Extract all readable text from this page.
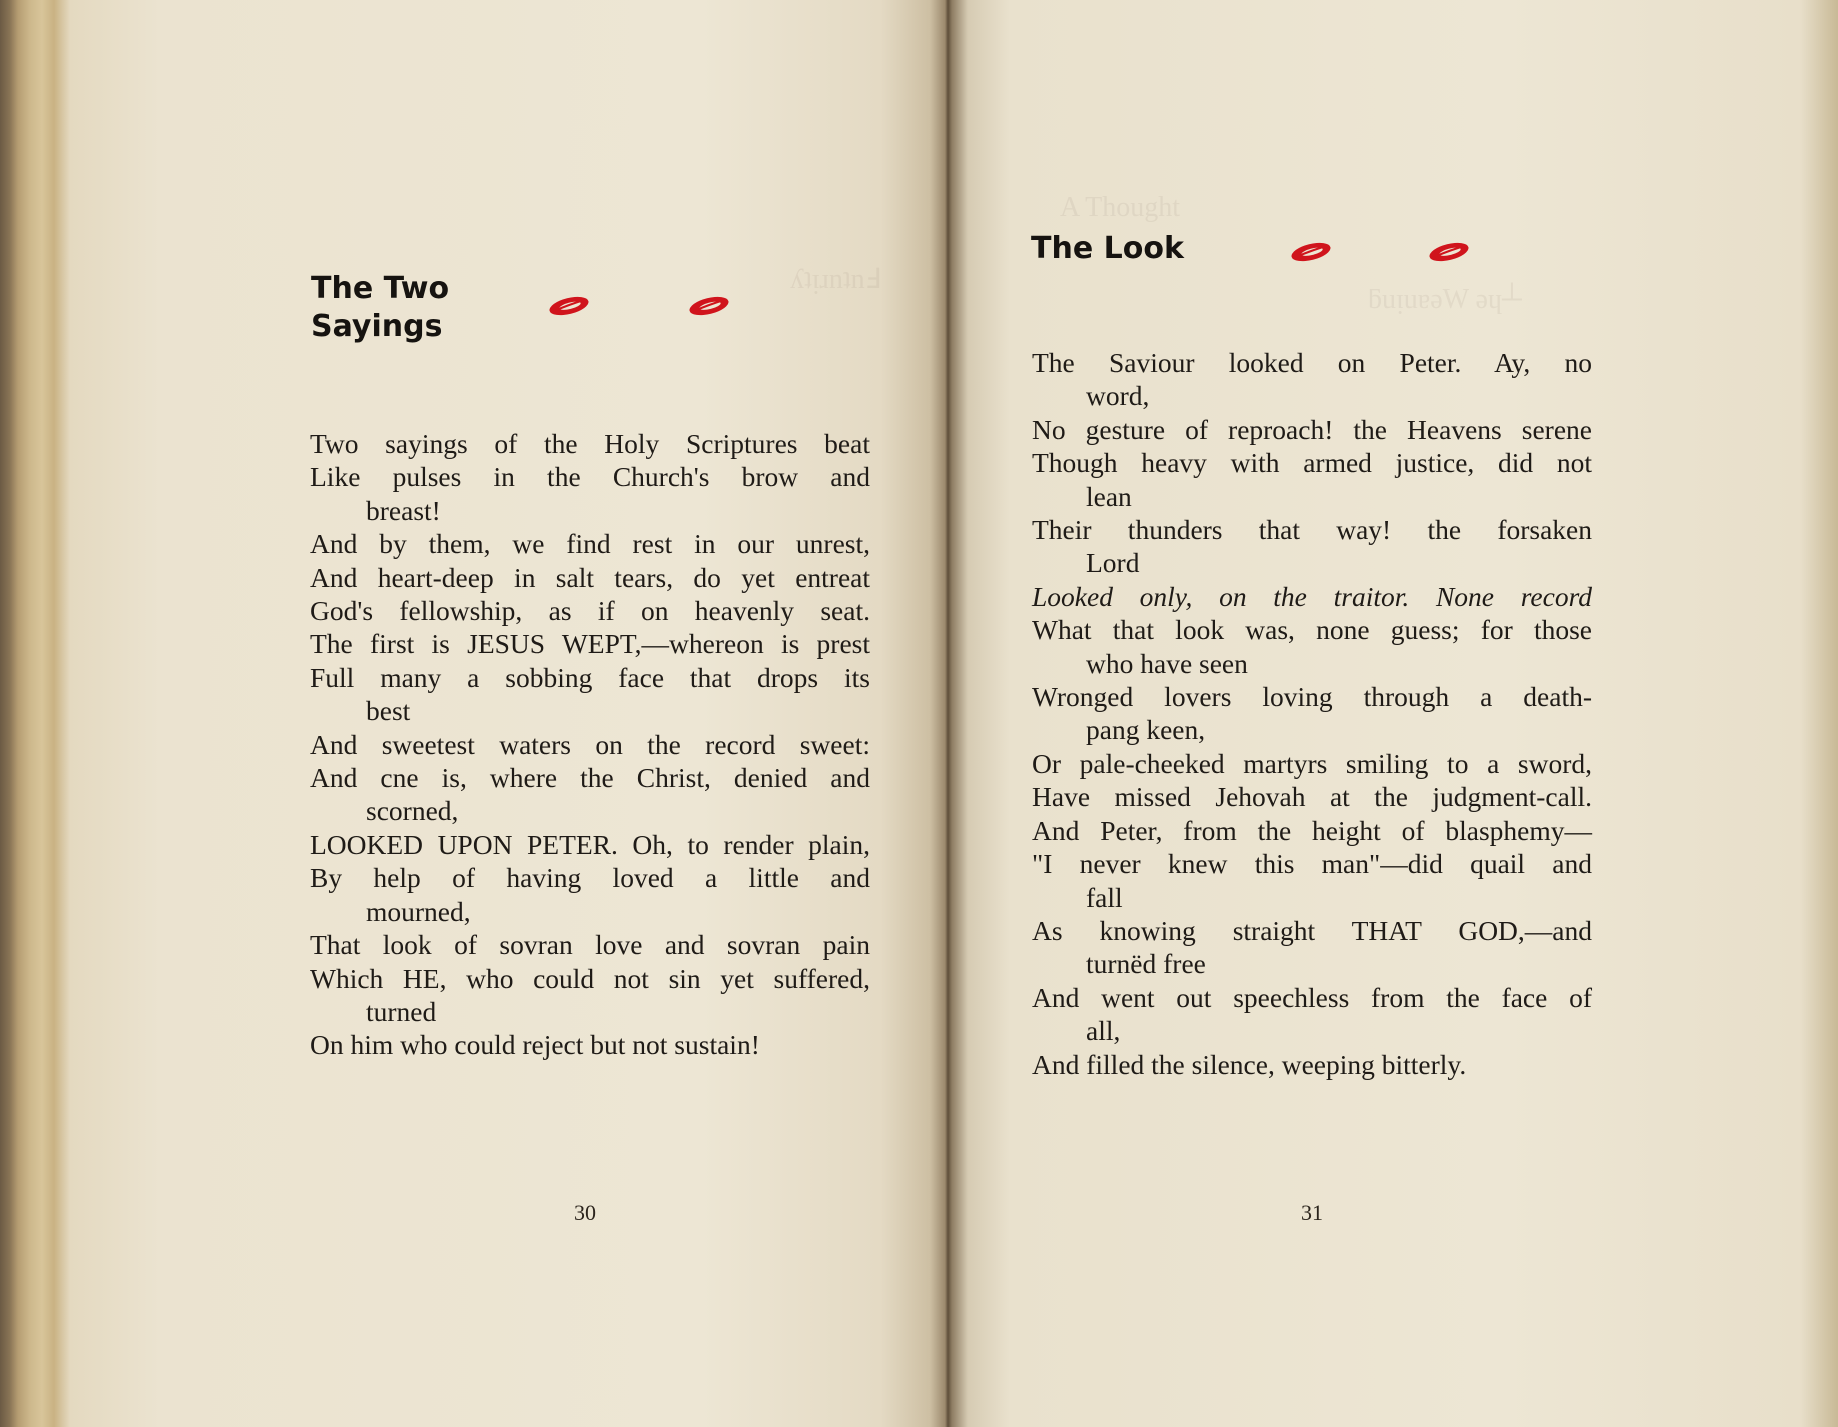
ʎʇᴉɹnʇnℲ
The Two
Sayings
Two sayings of the Holy Scriptures beat
Like pulses in the Church's brow and
breast!
And by them, we find rest in our unrest,
And heart-deep in salt tears, do yet entreat
God's fellowship, as if on heavenly seat.
The first is JESUS WEPT,—whereon is prest
Full many a sobbing face that drops its
best
And sweetest waters on the record sweet:
And cne is, where the Christ, denied and
scorned,
LOOKED UPON PETER. Oh, to render plain,
By help of having loved a little and
mourned,
That look of sovran love and sovran pain
Which HE, who could not sin yet suffered,
turned
On him who could reject but not sustain!
30
A Thought
ƃuᴉuɐǝW ǝɥ┴
The Look
The Saviour looked on Peter. Ay, no
word,
No gesture of reproach! the Heavens serene
Though heavy with armed justice, did not
lean
Their thunders that way! the forsaken
Lord
Looked only, on the traitor. None record
What that look was, none guess; for those
who have seen
Wronged lovers loving through a death-
pang keen,
Or pale-cheeked martyrs smiling to a sword,
Have missed Jehovah at the judgment-call.
And Peter, from the height of blasphemy—
"I never knew this man"—did quail and
fall
As knowing straight THAT GOD,—and
turnëd free
And went out speechless from the face of
all,
And filled the silence, weeping bitterly.
31
